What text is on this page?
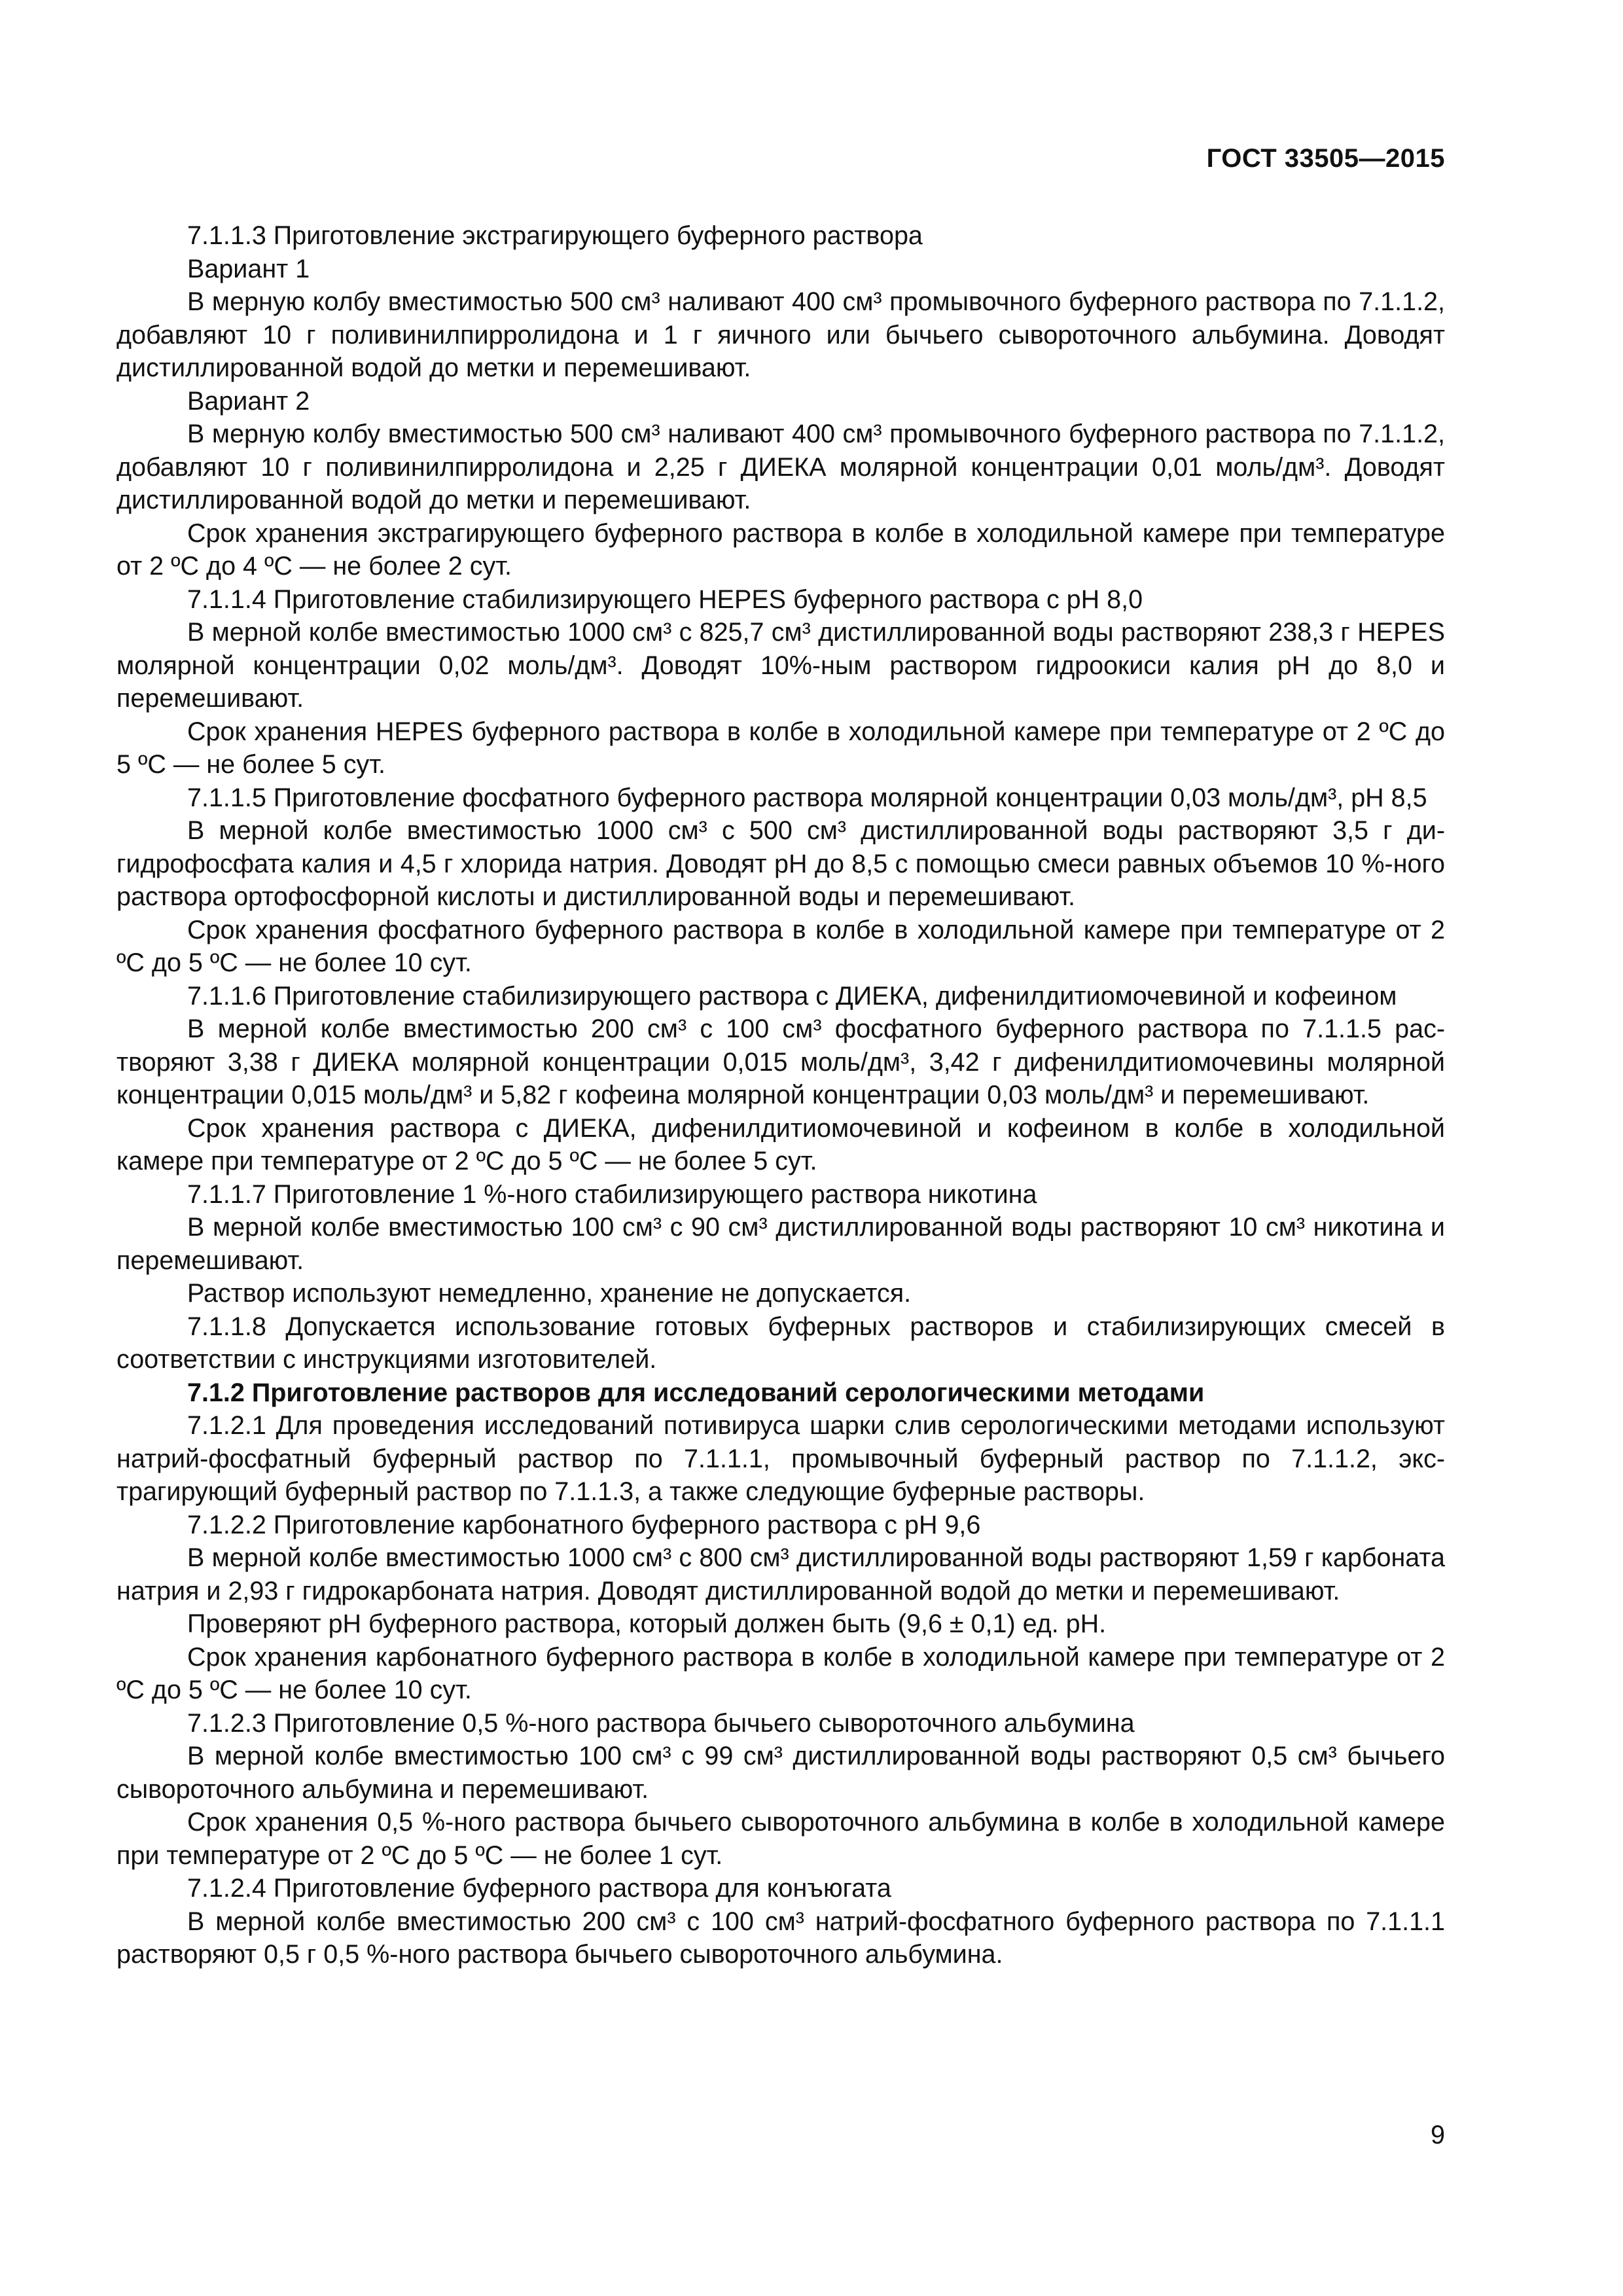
ГОСТ 33505—2015

7.1.1.3 Приготовление экстрагирующего буферного раствора

Вариант 1

В мерную колбу вместимостью 500 см³ наливают 400 см³ промывочного буферного раствора по 7.1.1.2, добавляют 10 г поливинилпирролидона и 1 г яичного или бычьего сывороточного альбумина. Доводят дистиллированной водой до метки и перемешивают.

Вариант 2

В мерную колбу вместимостью 500 см³ наливают 400 см³ промывочного буферного раствора по 7.1.1.2, добавляют 10 г поливинилпирролидона и 2,25 г ДИЕКА молярной концентрации 0,01 моль/дм³. Доводят дистиллированной водой до метки и перемешивают.

Срок хранения экстрагирующего буферного раствора в колбе в холодильной камере при температуре от 2 ºС до 4 ºС — не более 2 сут.

7.1.1.4 Приготовление стабилизирующего HEPES буферного раствора с pH 8,0

В мерной колбе вместимостью 1000 см³ с 825,7 см³ дистиллированной воды растворяют 238,3 г HEPES молярной концентрации 0,02 моль/дм³. Доводят 10%-ным раствором гидроокиси калия pH до 8,0 и перемешивают.

Срок хранения HEPES буферного раствора в колбе в холодильной камере при температуре от 2 ºС до 5 ºС — не более 5 сут.

7.1.1.5 Приготовление фосфатного буферного раствора молярной концентрации 0,03 моль/дм³, pH 8,5

В мерной колбе вместимостью 1000 см³ с 500 см³ дистиллированной воды растворяют 3,5 г дигидрофосфата калия и 4,5 г хлорида натрия. Доводят pH до 8,5 с помощью смеси равных объемов 10 %-ного раствора ортофосфорной кислоты и дистиллированной воды и перемешивают.

Срок хранения фосфатного буферного раствора в колбе в холодильной камере при температуре от 2 ºС до 5 ºС — не более 10 сут.

7.1.1.6 Приготовление стабилизирующего раствора с ДИЕКА, дифенилдитиомочевиной и кофеином

В мерной колбе вместимостью 200 см³ с 100 см³ фосфатного буферного раствора по 7.1.1.5 растворяют 3,38 г ДИЕКА молярной концентрации 0,015 моль/дм³, 3,42 г дифенилдитиомочевины молярной концентрации 0,015 моль/дм³ и 5,82 г кофеина молярной концентрации 0,03 моль/дм³ и перемешивают.

Срок хранения раствора с ДИЕКА, дифенилдитиомочевиной и кофеином в колбе в холодильной камере при температуре от 2 ºС до 5 ºС — не более 5 сут.

7.1.1.7 Приготовление 1 %-ного стабилизирующего раствора никотина

В мерной колбе вместимостью 100 см³ с 90 см³ дистиллированной воды растворяют 10 см³ никотина и перемешивают.

Раствор используют немедленно, хранение не допускается.

7.1.1.8 Допускается использование готовых буферных растворов и стабилизирующих смесей в соответствии с инструкциями изготовителей.

7.1.2 Приготовление растворов для исследований серологическими методами

7.1.2.1 Для проведения исследований потивируса шарки слив серологическими методами используют натрий-фосфатный буферный раствор по 7.1.1.1, промывочный буферный раствор по 7.1.1.2, экстрагирующий буферный раствор по 7.1.1.3, а также следующие буферные растворы.

7.1.2.2 Приготовление карбонатного буферного раствора с pH 9,6

В мерной колбе вместимостью 1000 см³ с 800 см³ дистиллированной воды растворяют 1,59 г карбоната натрия и 2,93 г гидрокарбоната натрия. Доводят дистиллированной водой до метки и перемешивают.

Проверяют pH буферного раствора, который должен быть (9,6 ± 0,1) ед. pH.

Срок хранения карбонатного буферного раствора в колбе в холодильной камере при температуре от 2 ºС до 5 ºС — не более 10 сут.

7.1.2.3 Приготовление 0,5 %-ного раствора бычьего сывороточного альбумина

В мерной колбе вместимостью 100 см³ с 99 см³ дистиллированной воды растворяют 0,5 см³ бычьего сывороточного альбумина и перемешивают.

Срок хранения 0,5 %-ного раствора бычьего сывороточного альбумина в колбе в холодильной камере при температуре от 2 ºС до 5 ºС — не более 1 сут.

7.1.2.4 Приготовление буферного раствора для конъюгата

В мерной колбе вместимостью 200 см³ с 100 см³ натрий-фосфатного буферного раствора по 7.1.1.1 растворяют 0,5 г 0,5 %-ного раствора бычьего сывороточного альбумина.

9
